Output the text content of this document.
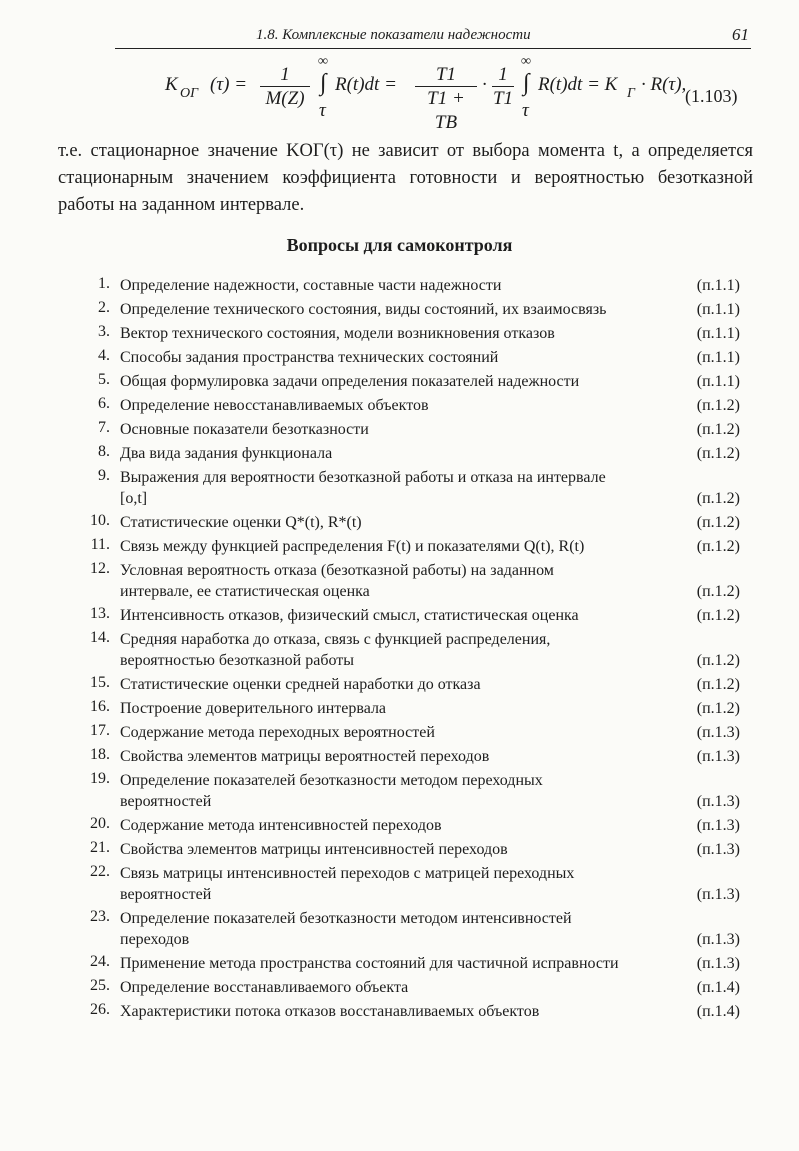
1.8. Комплексные показатели надежности	61
K OГ $(\tau) = \frac{1}{M(Z)}$
∞
∫
τ
$R(t)dt = \frac{T1}{T1 + TB} \cdot \frac{1}{T1}$
∞
∫
τ
R(t)dt = K Г · R(τ),
(1.103)
т.е. стационарное значение KОГ(τ) не зависит от выбора момента t, а определяется стационарным значением коэффициента готовности и вероятностью безотказной работы на заданном интервале.
Вопросы для самоконтроля
1. Определение надежности, составные части надежности	(п.1.1)
2. Определение технического состояния, виды состояний, их взаимосвязь	(п.1.1)
3. Вектор технического состояния, модели возникновения отказов	(п.1.1)
4. Способы задания пространства технических состояний	(п.1.1)
5. Общая формулировка задачи определения показателей надежности	(п.1.1)
6. Определение невосстанавливаемых объектов	(п.1.2)
7. Основные показатели безотказности	(п.1.2)
8. Два вида задания функционала	(п.1.2)
9. Выражения для вероятности безотказной работы и отказа на интервале [o,t]	(п.1.2)
10. Статистические оценки Q*(t), R*(t)	(п.1.2)
11. Связь между функцией распределения F(t) и показателями Q(t), R(t)	(п.1.2)
12. Условная вероятность отказа (безотказной работы) на заданном интервале, ее статистическая оценка	(п.1.2)
13. Интенсивность отказов, физический смысл, статистическая оценка	(п.1.2)
14. Средняя наработка до отказа, связь с функцией распределения, вероятностью безотказной работы	(п.1.2)
15. Статистические оценки средней наработки до отказа	(п.1.2)
16. Построение доверительного интервала	(п.1.2)
17. Содержание метода переходных вероятностей	(п.1.3)
18. Свойства элементов матрицы вероятностей переходов	(п.1.3)
19. Определение показателей безотказности методом переходных вероятностей	(п.1.3)
20. Содержание метода интенсивностей переходов	(п.1.3)
21. Свойства элементов матрицы интенсивностей переходов	(п.1.3)
22. Связь матрицы интенсивностей переходов с матрицей переходных вероятностей	(п.1.3)
23. Определение показателей безотказности методом интенсивностей переходов	(п.1.3)
24. Применение метода пространства состояний для частичной исправности	(п.1.3)
25. Определение восстанавливаемого объекта	(п.1.4)
26. Характеристики потока отказов восстанавливаемых объектов	(п.1.4)
